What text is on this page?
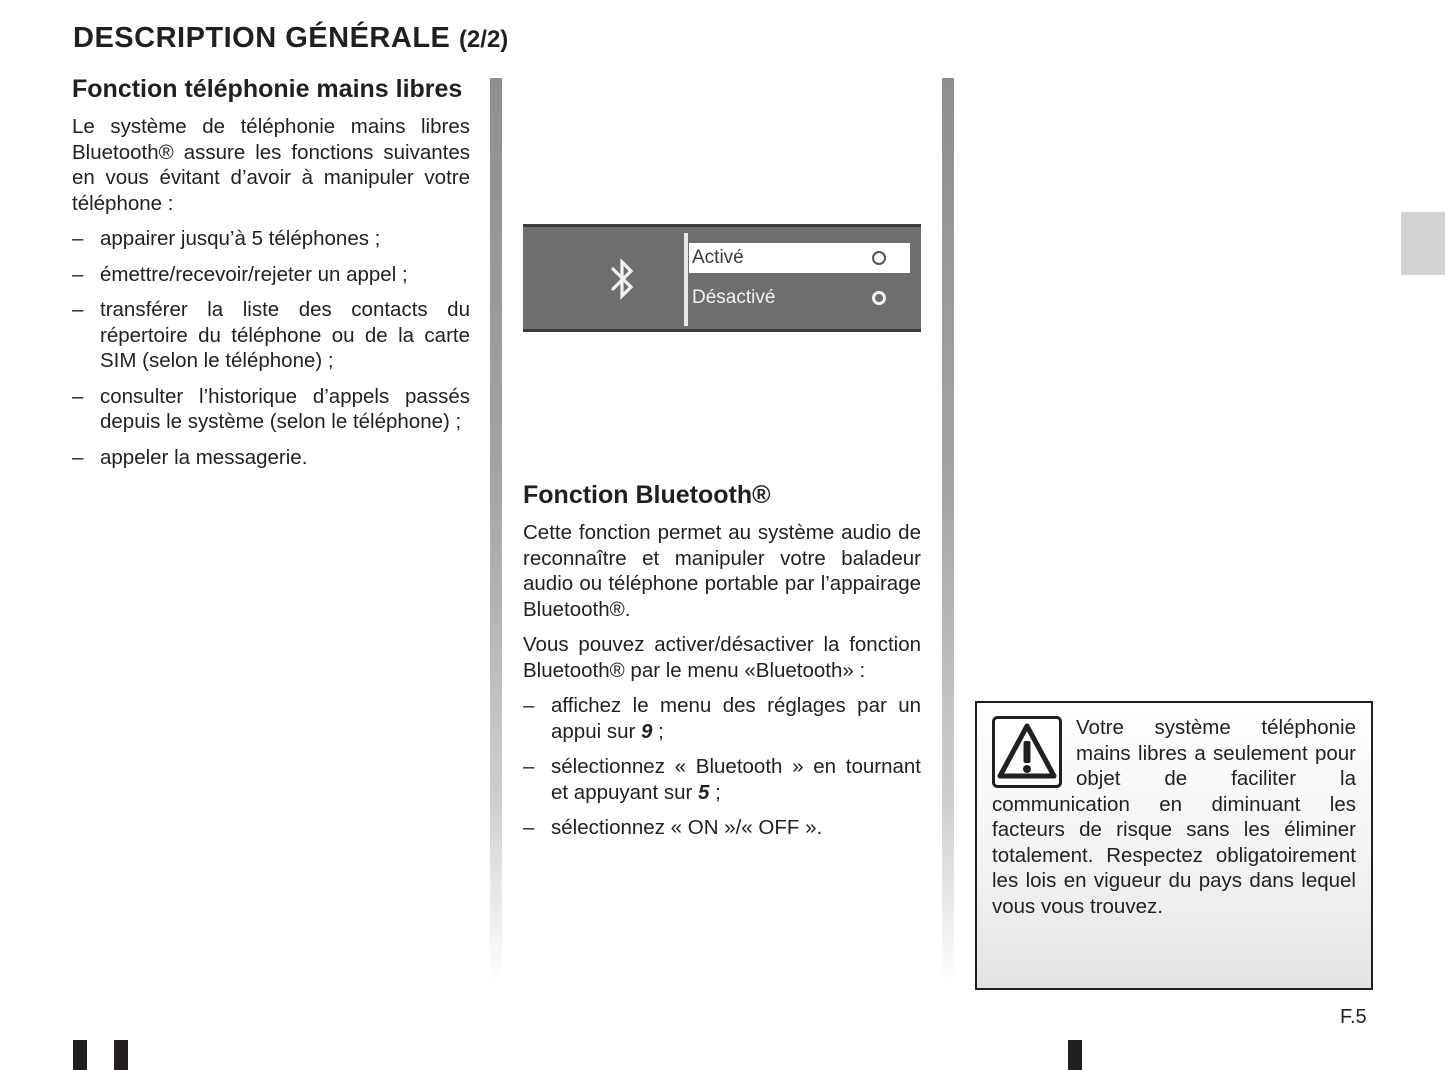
DESCRIPTION GÉNÉRALE (2/2)
Fonction téléphonie mains libres

Le système de téléphonie mains libres Bluetooth® assure les fonctions suivantes en vous évitant d’avoir à manipuler votre téléphone :

– appairer jusqu’à 5 téléphones ;
– émettre/recevoir/rejeter un appel ;
– transférer la liste des contacts du répertoire du téléphone ou de la carte SIM (selon le téléphone) ;
– consulter l’historique d’appels passés depuis le système (selon le téléphone) ;
– appeler la messagerie.
Activé
Désactivé
Fonction Bluetooth®

Cette fonction permet au système audio de reconnaître et manipuler votre baladeur audio ou téléphone portable par l’appairage Bluetooth®.

Vous pouvez activer/désactiver la fonction Bluetooth® par le menu «Bluetooth» :

– affichez le menu des réglages par un appui sur 9 ;
– sélectionnez « Bluetooth » en tournant et appuyant sur 5 ;
– sélectionnez « ON »/« OFF ».

Votre système téléphonie mains libres a seulement pour objet de faciliter la communication en diminuant les facteurs de risque sans les éliminer totalement. Respectez obligatoirement les lois en vigueur du pays dans lequel vous vous trouvez.

F.5
